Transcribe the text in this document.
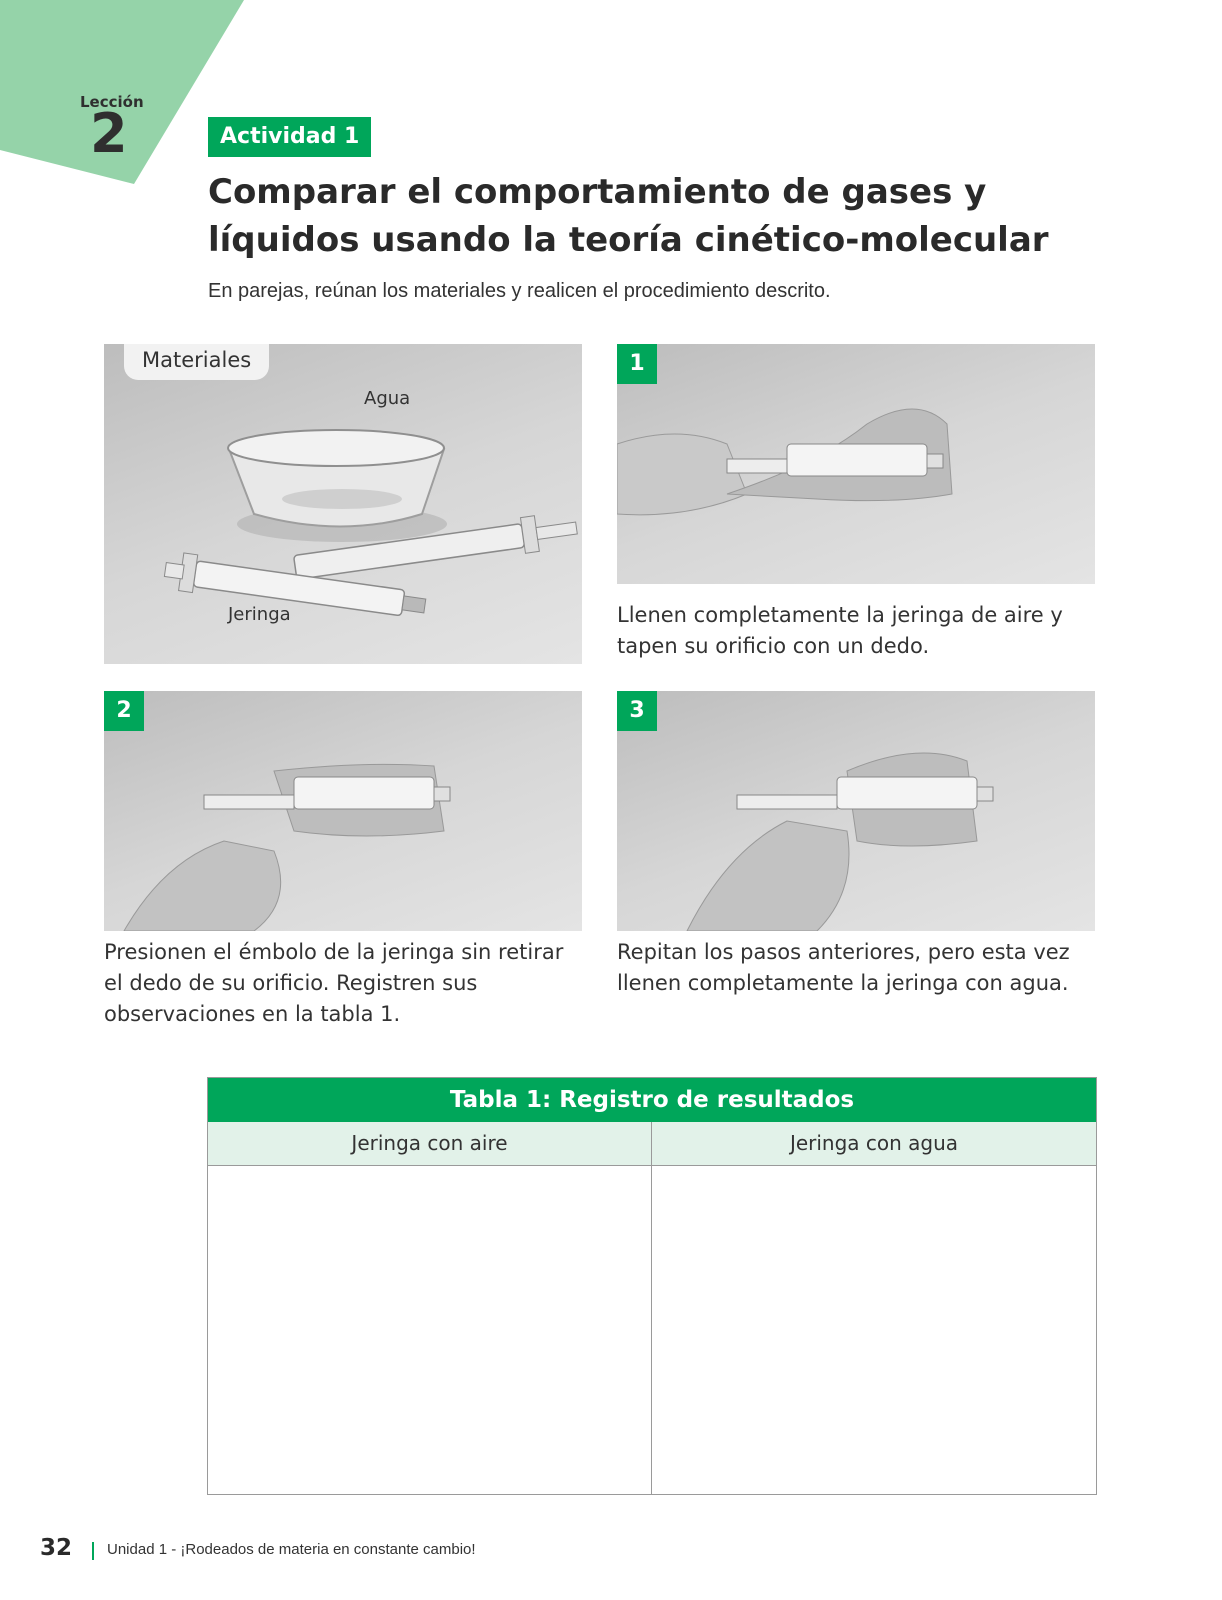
Lección
2	Actividad 1
Comparar el comportamiento de gases y líquidos usando la teoría cinético-molecular
En parejas, reúnan los materiales y realicen el procedimiento descrito.
Materiales
Agua
Jeringa
1

Llenen completamente la jeringa de aire y tapen su orificio con un dedo.

2

Presionen el émbolo de la jeringa sin retirar el dedo de su orificio. Registren sus observaciones en la tabla 1.

3

Repitan los pasos anteriores, pero esta vez llenen completamente la jeringa con agua.

Tabla 1: Registro de resultados
Jeringa con aire	Jeringa con agua
32 Unidad 1 - ¡Rodeados de materia en constante cambio!
